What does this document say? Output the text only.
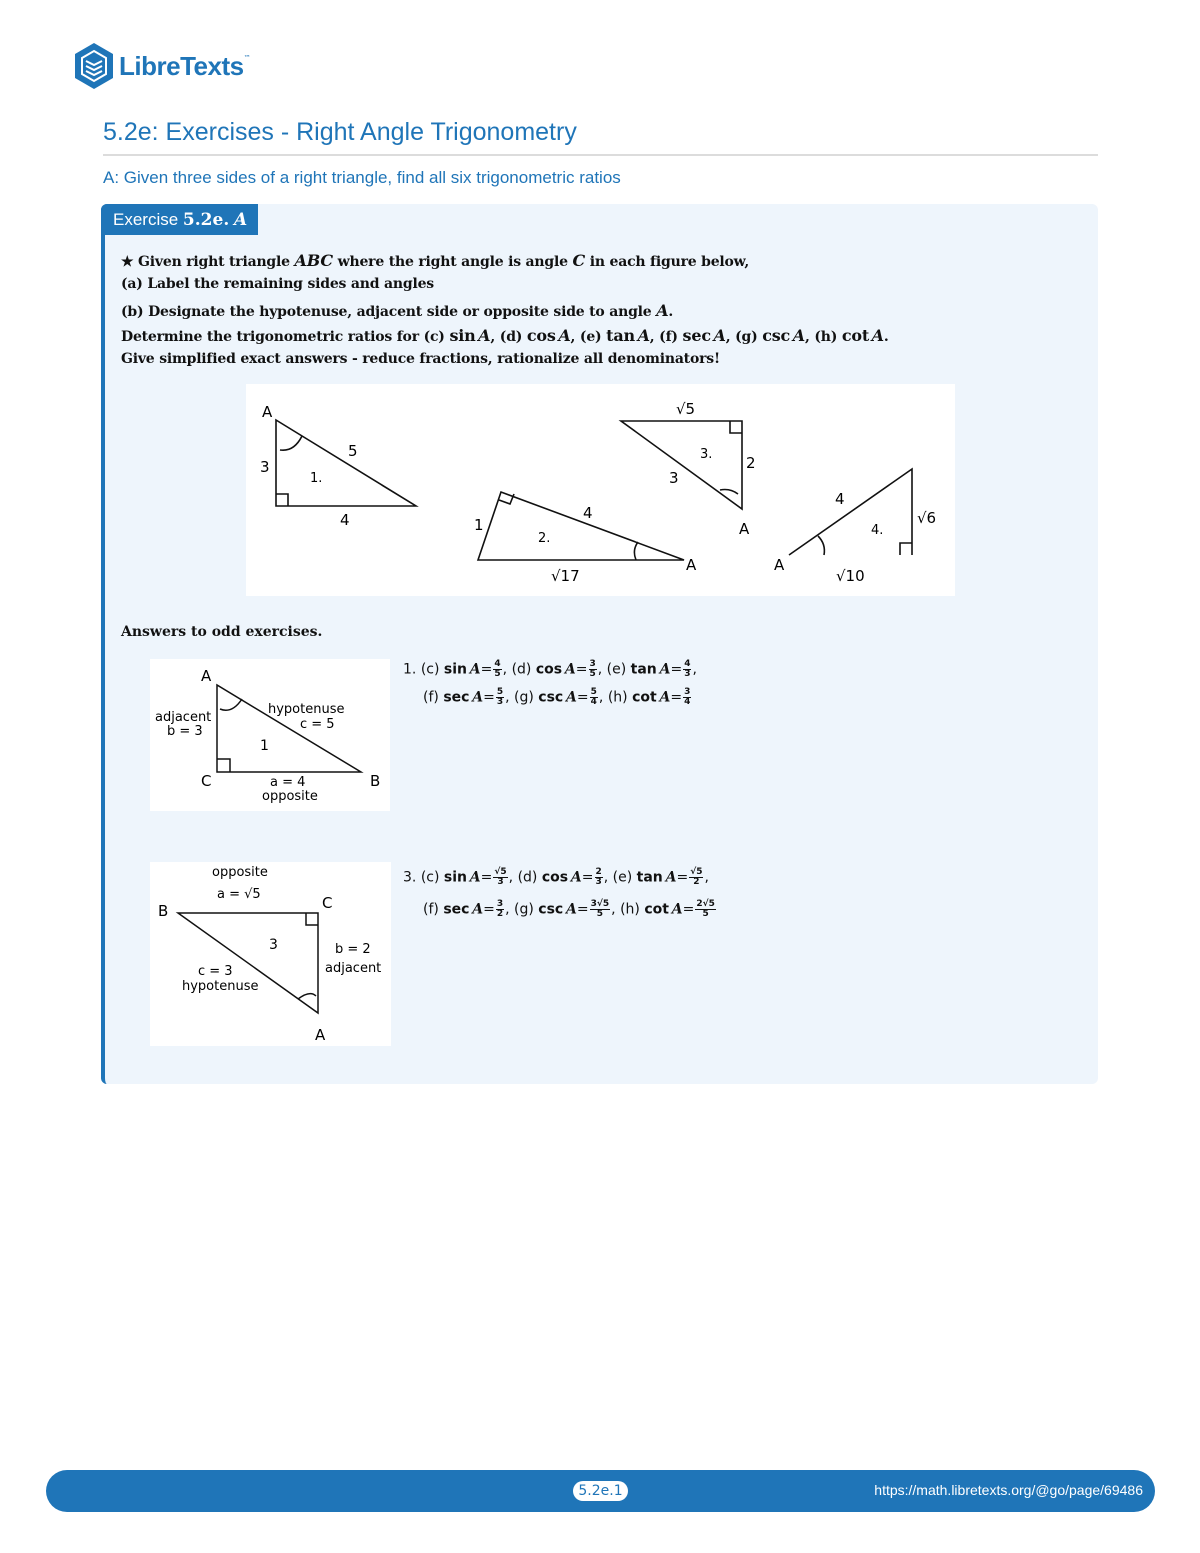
LibreTexts ™
5.2e: Exercises - Right Angle Trigonometry
A: Given three sides of a right triangle, find all six trigonometric ratios
Exercise 5.2e. A
★ Given right triangle ABC where the right angle is angle C in each figure below,
(a) Label the remaining sides and angles
(b) Designate the hypotenuse, adjacent side or opposite side to angle A.
Determine the trigonometric ratios for (c) sin  A, (d) cos  A, (e) tan  A, (f) sec  A, (g) csc  A, (h) cot  A.
Give simplified exact answers - reduce fractions, rationalize all denominators!
A
3
5
4
1.
1
4
2.
A
√17
√5
3. 2
3
A
4
4.
√6
A
√10
Answers to odd exercises.
A
C	B
adjacent
b = 3
hypotenuse
c = 5
1
a = 4
opposite
1. (c) $\sin A= \frac{4}{5}$ , (d) $\cos A= \frac{3}{5}$ , (e) $\tan A= \frac{4}{3}$ ,
(f) $\sec A= \frac{5}{3}$ , (g) $\csc A= \frac{5}{4}$ , (h) $\cot A= \frac{3}{4}$
opposite
a = √5
B	C
3	b = 2
adjacent
c = 3
hypotenuse
A
3. (c) $\sin A= \frac{√5}{3}$ , (d) $\cos A= \frac{2}{3}$ , (e) $\tan A= \frac{√5}{2}$ ,
(f) $\sec A= \frac{3}{2}$ , (g) $\csc A= \frac{3√5}{5}$ , (h) $\cot A= \frac{2√5}{5}$
5.2e.1	https://math.libretexts.org/@go/page/69486
